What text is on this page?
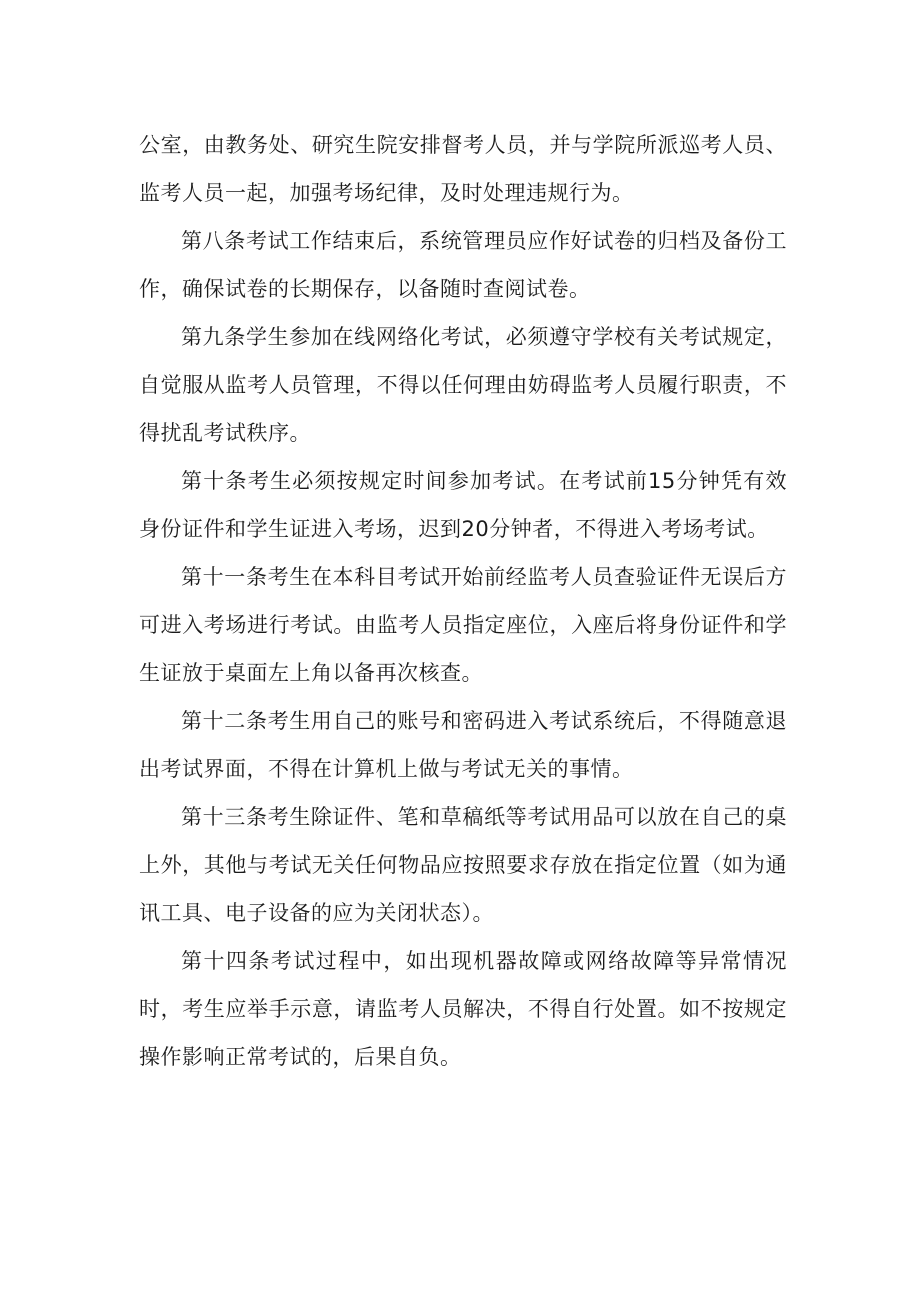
公室，由教务处、研究生院安排督考人员，并与学院所派巡考人员、监考人员一起，加强考场纪律，及时处理违规行为。

第八条考试工作结束后，系统管理员应作好试卷的归档及备份工作，确保试卷的长期保存，以备随时查阅试卷。

第九条学生参加在线网络化考试，必须遵守学校有关考试规定，自觉服从监考人员管理，不得以任何理由妨碍监考人员履行职责，不得扰乱考试秩序。

第十条考生必须按规定时间参加考试。在考试前15分钟凭有效身份证件和学生证进入考场，迟到20分钟者，不得进入考场考试。

第十一条考生在本科目考试开始前经监考人员查验证件无误后方可进入考场进行考试。由监考人员指定座位，入座后将身份证件和学生证放于桌面左上角以备再次核查。

第十二条考生用自己的账号和密码进入考试系统后，不得随意退出考试界面，不得在计算机上做与考试无关的事情。

第十三条考生除证件、笔和草稿纸等考试用品可以放在自己的桌上外，其他与考试无关任何物品应按照要求存放在指定位置（如为通讯工具、电子设备的应为关闭状态）。

第十四条考试过程中，如出现机器故障或网络故障等异常情况时，考生应举手示意，请监考人员解决，不得自行处置。如不按规定操作影响正常考试的，后果自负。
